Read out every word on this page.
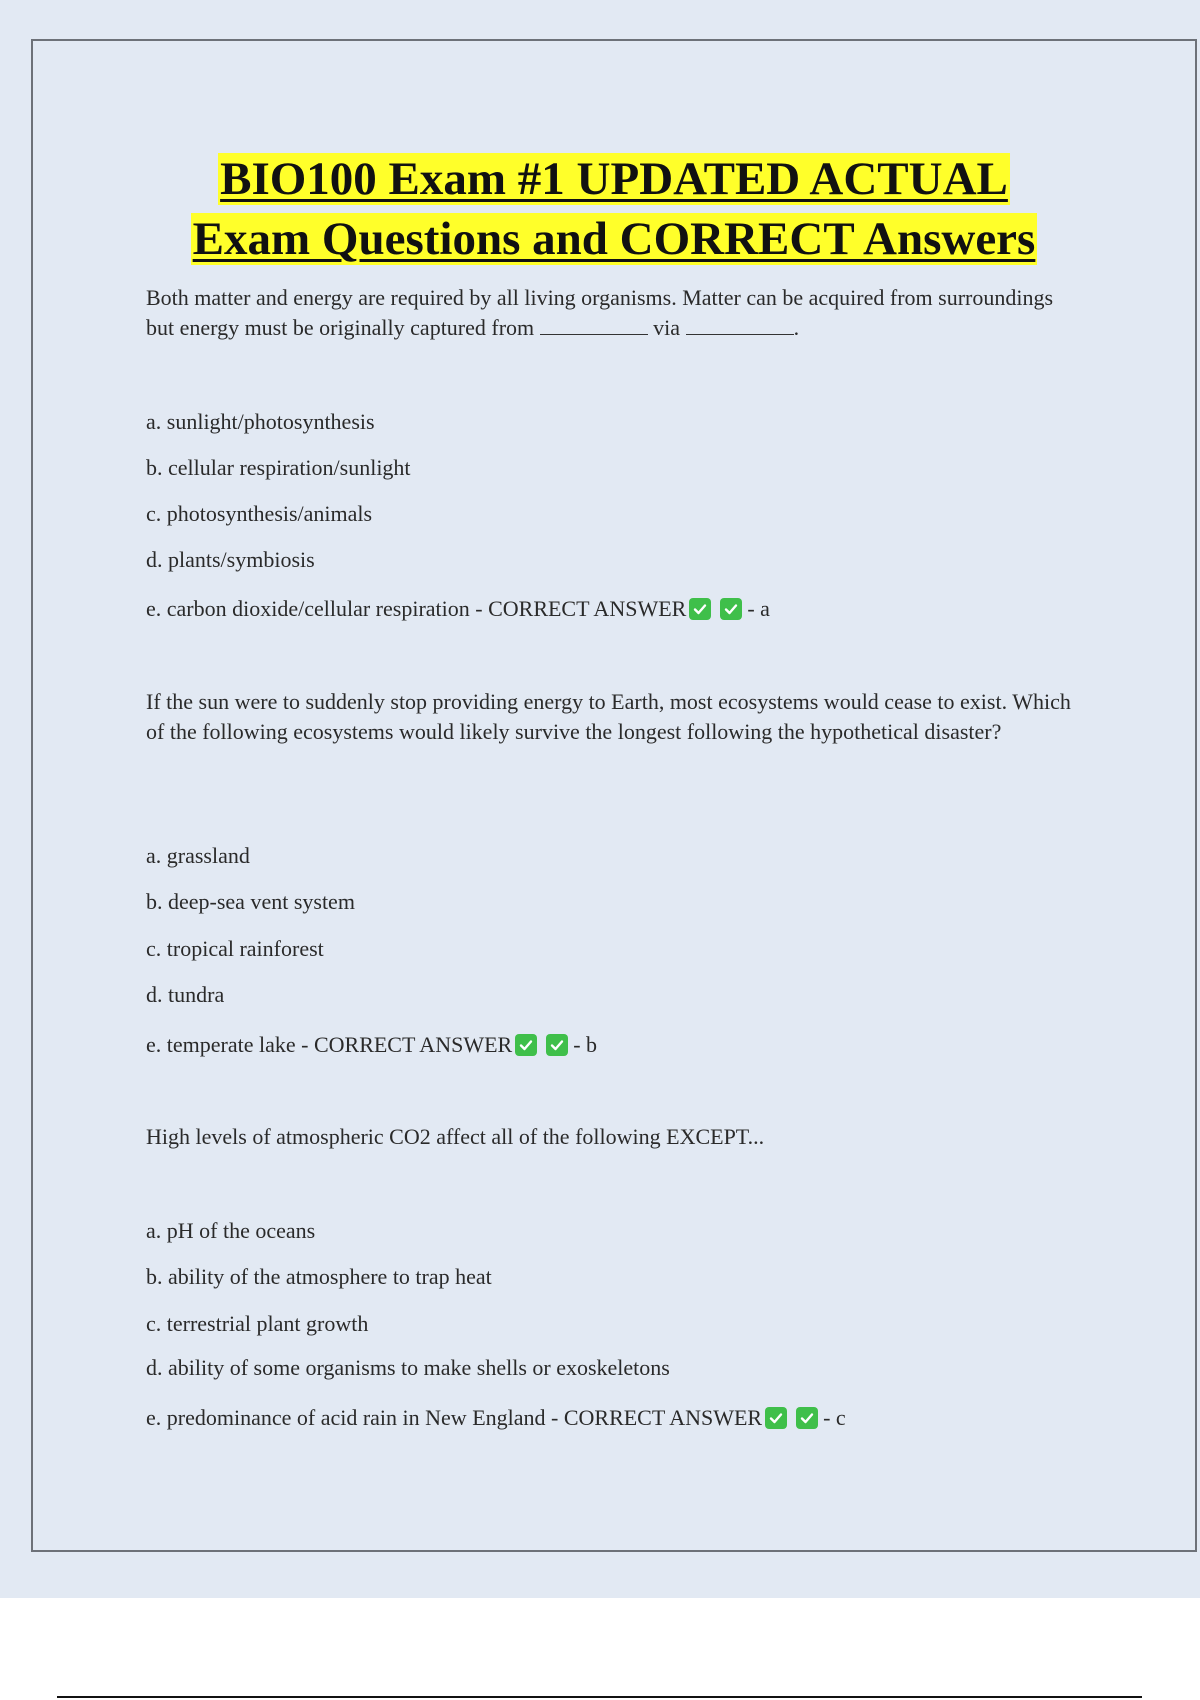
BIO100 Exam #1 UPDATED ACTUAL
Exam Questions and CORRECT Answers
Both matter and energy are required by all living organisms. Matter can be acquired from surroundings but energy must be originally captured from	via	.
a. sunlight/photosynthesis
b. cellular respiration/sunlight
c. photosynthesis/animals
d. plants/symbiosis
e. carbon dioxide/cellular respiration - CORRECT ANSWER
	- a
If the sun were to suddenly stop providing energy to Earth, most ecosystems would cease to exist. Which of the following ecosystems would likely survive the longest following the hypothetical disaster?
a. grassland
b. deep-sea vent system
c. tropical rainforest
d. tundra
e. temperate lake - CORRECT ANSWER
	- b
High levels of atmospheric CO2 affect all of the following EXCEPT...
a. pH of the oceans
b. ability of the atmosphere to trap heat
c. terrestrial plant growth
d. ability of some organisms to make shells or exoskeletons
e. predominance of acid rain in New England - CORRECT ANSWER
	- c
